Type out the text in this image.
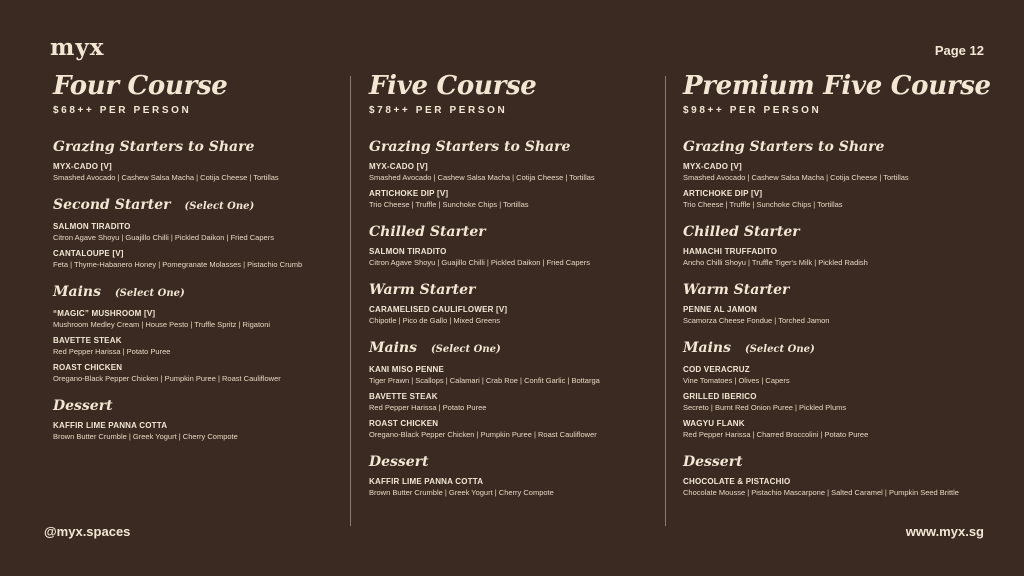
myx	Page 12
Four Course
$68++ PER PERSON
Grazing Starters to Share
MYX-CADO [V]
Smashed Avocado | Cashew Salsa Macha | Cotija Cheese | Tortillas
Second Starter (Select One)
SALMON TIRADITO
Citron Agave Shoyu | Guajillo Chilli | Pickled Daikon | Fried Capers
CANTALOUPE [V]
Feta | Thyme-Habanero Honey | Pomegranate Molasses | Pistachio Crumb
Mains (Select One)
“MAGIC” MUSHROOM [V]
Mushroom Medley Cream | House Pesto | Truffle Spritz | Rigatoni
BAVETTE STEAK
Red Pepper Harissa | Potato Puree
ROAST CHICKEN
Oregano-Black Pepper Chicken | Pumpkin Puree | Roast Cauliflower
Dessert
KAFFIR LIME PANNA COTTA
Brown Butter Crumble | Greek Yogurt | Cherry Compote
Five Course
$78++ PER PERSON
Grazing Starters to Share
MYX-CADO [V]
Smashed Avocado | Cashew Salsa Macha | Cotija Cheese | Tortillas
ARTICHOKE DIP [V]
Trio Cheese | Truffle | Sunchoke Chips | Tortillas
Chilled Starter
SALMON TIRADITO
Citron Agave Shoyu | Guajillo Chilli | Pickled Daikon | Fried Capers
Warm Starter
CARAMELISED CAULIFLOWER [V]
Chipotle | Pico de Gallo | Mixed Greens
Mains (Select One)
KANI MISO PENNE
Tiger Prawn | Scallops | Calamari | Crab Roe | Confit Garlic | Bottarga
BAVETTE STEAK
Red Pepper Harissa | Potato Puree
ROAST CHICKEN
Oregano-Black Pepper Chicken | Pumpkin Puree | Roast Cauliflower
Dessert
KAFFIR LIME PANNA COTTA
Brown Butter Crumble | Greek Yogurt | Cherry Compote
Premium Five Course
$98++ PER PERSON
Grazing Starters to Share
MYX-CADO [V]
Smashed Avocado | Cashew Salsa Macha | Cotija Cheese | Tortillas
ARTICHOKE DIP [V]
Trio Cheese | Truffle | Sunchoke Chips | Tortillas
Chilled Starter
HAMACHI TRUFFADITO
Ancho Chilli Shoyu | Truffle Tiger's Milk | Pickled Radish
Warm Starter
PENNE AL JAMON
Scamorza Cheese Fondue | Torched Jamon
Mains (Select One)
COD VERACRUZ
Vine Tomatoes | Olives | Capers
GRILLED IBERICO
Secreto | Burnt Red Onion Puree | Pickled Plums
WAGYU FLANK
Red Pepper Harissa | Charred Broccolini | Potato Puree
Dessert
CHOCOLATE & PISTACHIO
Chocolate Mousse | Pistachio Mascarpone | Salted Caramel | Pumpkin Seed Brittle
@myx.spaces	www.myx.sg
